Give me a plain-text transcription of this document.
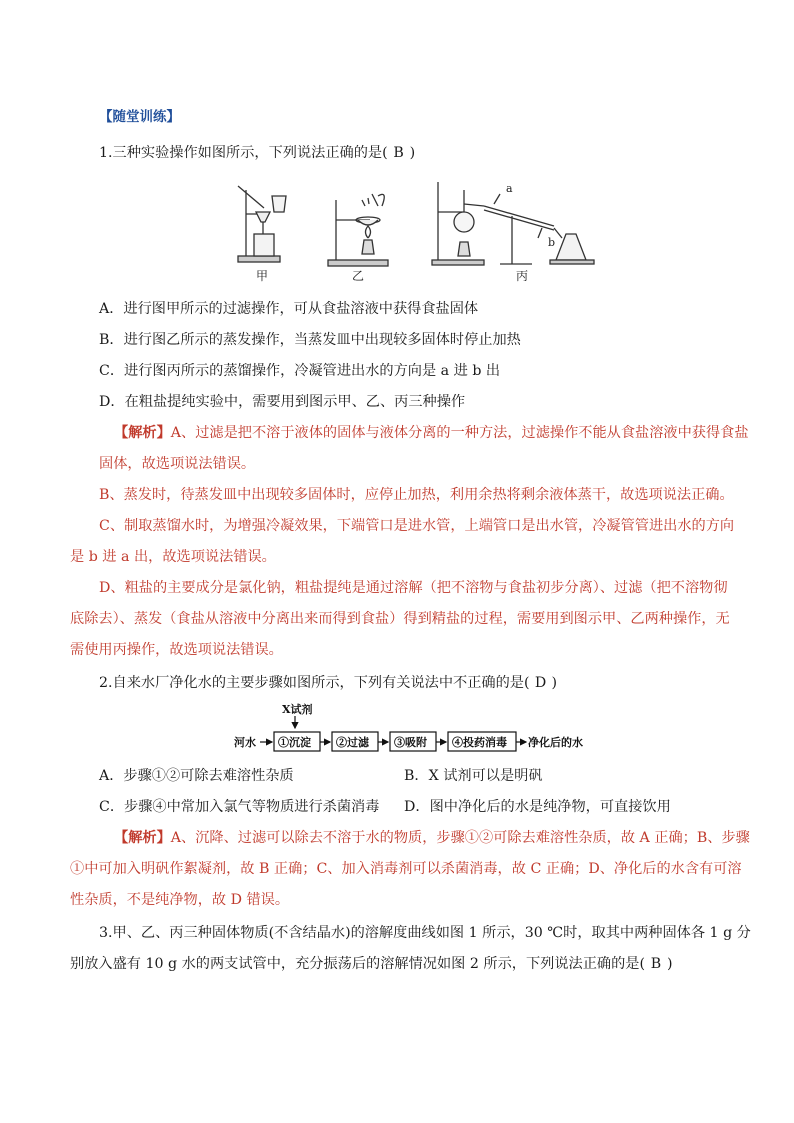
【随堂训练】
1.三种实验操作如图所示，下列说法正确的是( B )
甲	乙
a
b
丙
A．进行图甲所示的过滤操作，可从食盐溶液中获得食盐固体
B．进行图乙所示的蒸发操作，当蒸发皿中出现较多固体时停止加热
C．进行图丙所示的蒸馏操作，冷凝管进出水的方向是 a 进 b 出
D．在粗盐提纯实验中，需要用到图示甲、乙、丙三种操作
【解析】A、过滤是把不溶于液体的固体与液体分离的一种方法，过滤操作不能从食盐溶液中获得食盐
固体，故选项说法错误。
B、蒸发时，待蒸发皿中出现较多固体时，应停止加热，利用余热将剩余液体蒸干，故选项说法正确。
C、制取蒸馏水时，为增强冷凝效果，下端管口是进水管，上端管口是出水管，冷凝管管进出水的方向
是 b 进 a 出，故选项说法错误。
D、粗盐的主要成分是氯化钠，粗盐提纯是通过溶解（把不溶物与食盐初步分离）、过滤（把不溶物彻
底除去）、蒸发（食盐从溶液中分离出来而得到食盐）得到精盐的过程，需要用到图示甲、乙两种操作，无
需使用丙操作，故选项说法错误。
2.自来水厂净化水的主要步骤如图所示，下列有关说法中不正确的是( D )
X试剂
河水 ①沉淀 ②过滤 ③吸附 ④投药消毒 净化后的水
A．步骤①②可除去难溶性杂质	B．X 试剂可以是明矾
C．步骤④中常加入氯气等物质进行杀菌消毒 D．图中净化后的水是纯净物，可直接饮用
【解析】A、沉降、过滤可以除去不溶于水的物质，步骤①②可除去难溶性杂质，故 A 正确；B、步骤
①中可加入明矾作絮凝剂，故 B 正确；C、加入消毒剂可以杀菌消毒，故 C 正确；D、净化后的水含有可溶
性杂质，不是纯净物，故 D 错误。
3.甲、乙、丙三种固体物质(不含结晶水)的溶解度曲线如图 1 所示，30 ℃时，取其中两种固体各 1 g 分
别放入盛有 10 g 水的两支试管中，充分振荡后的溶解情况如图 2 所示，下列说法正确的是( B )
